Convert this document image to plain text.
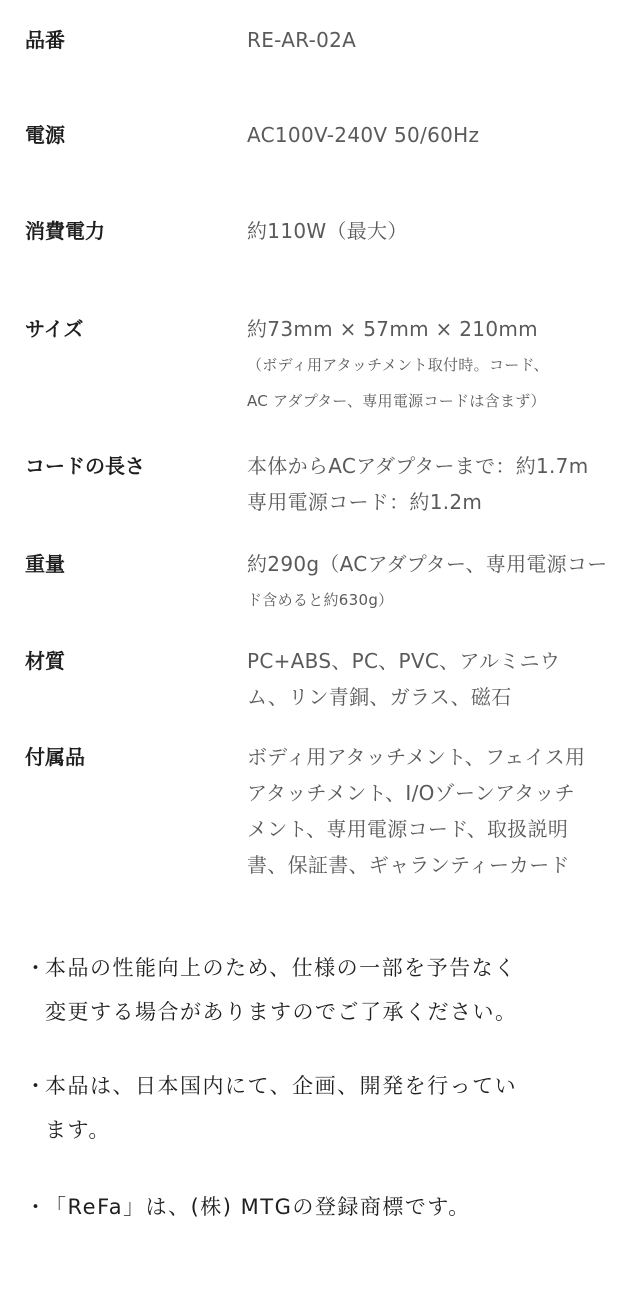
品番	RE-AR-02A
電源	AC100V-240V 50/60Hz
消費電力	約110W（最大）
サイズ	約73mm × 57mm × 210mm
（ボディ用アタッチメント取付時。コード、
AC アダプター、専用電源コードは含まず）
コードの長さ	本体からACアダプターまで：約1.7m
専用電源コード：約1.2m
重量	約290g（ACアダプター、専用電源コー
ド含めると約630g）
材質	PC+ABS、PC、PVC、アルミニウ
ム、リン青銅、ガラス、磁石
付属品	ボディ用アタッチメント、フェイス用
アタッチメント、I/Oゾーンアタッチ
メント、専用電源コード、取扱説明
書、保証書、ギャランティーカード
・
本品の性能向上のため、仕様の一部を予告なく
変更する場合がありますのでご了承ください。
・
本品は、日本国内にて、企画、開発を行ってい
ます。
・
「ReFa」は、(株) MTGの登録商標です。
